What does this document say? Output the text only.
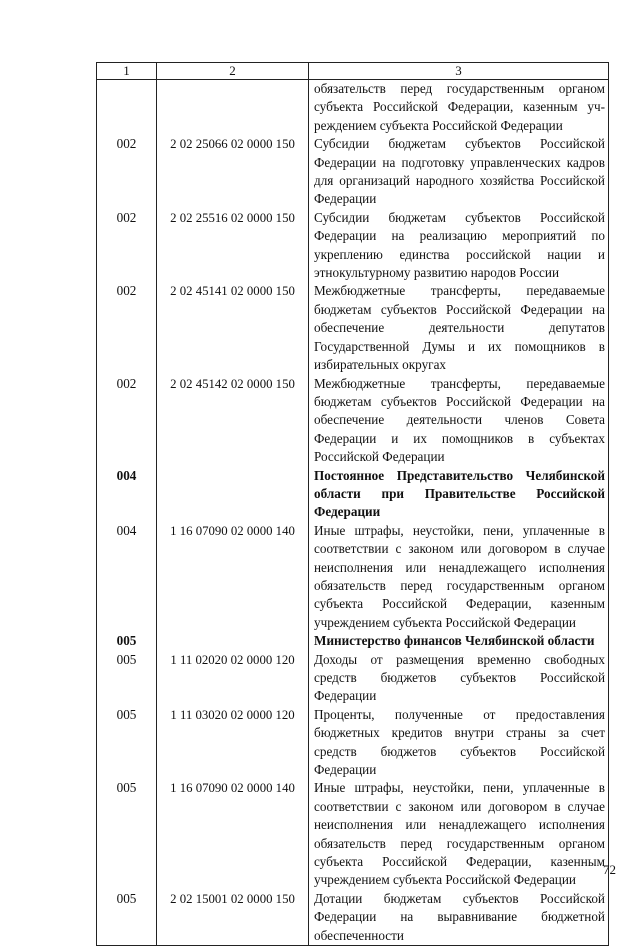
1	2	3
		обязательств перед государственным органом субъекта Российской Федерации, казенным уч-реждением субъекта Российской Федерации
002	2 02 25066 02 0000 150	Субсидии бюджетам субъектов Российской Федерации на подготовку управленческих кадров для организаций народного хозяйства Российской Федерации
002	2 02 25516 02 0000 150	Субсидии бюджетам субъектов Российской Федерации на реализацию мероприятий по укреплению единства российской нации и этнокультурному развитию народов России
002	2 02 45141 02 0000 150	Межбюджетные трансферты, передаваемые бюджетам субъектов Российской Федерации на обеспечение деятельности депутатов Государственной Думы и их помощников в избирательных округах
002	2 02 45142 02 0000 150	Межбюджетные трансферты, передаваемые бюджетам субъектов Российской Федерации на обеспечение деятельности членов Совета Федерации и их помощников в субъектах Российской Федерации
004		Постоянное Представительство Челябинской области при Правительстве Российской Федерации
004	1 16 07090 02 0000 140	Иные штрафы, неустойки, пени, уплаченные в соответствии с законом или договором в случае неисполнения или ненадлежащего исполнения обязательств перед государственным органом субъекта Российской Федерации, казенным учреждением субъекта Российской Федерации
005		Министерство финансов Челябинской области
005	1 11 02020 02 0000 120	Доходы от размещения временно свободных средств бюджетов субъектов Российской Федерации
005	1 11 03020 02 0000 120	Проценты, полученные от предоставления бюджетных кредитов внутри страны за счет средств бюджетов субъектов Российской Федерации
005	1 16 07090 02 0000 140	Иные штрафы, неустойки, пени, уплаченные в соответствии с законом или договором в случае неисполнения или ненадлежащего исполнения обязательств перед государственным органом субъекта Российской Федерации, казенным учреждением субъекта Российской Федерации
005	2 02 15001 02 0000 150	Дотации бюджетам субъектов Российской Федерации на выравнивание бюджетной обеспеченности
72
